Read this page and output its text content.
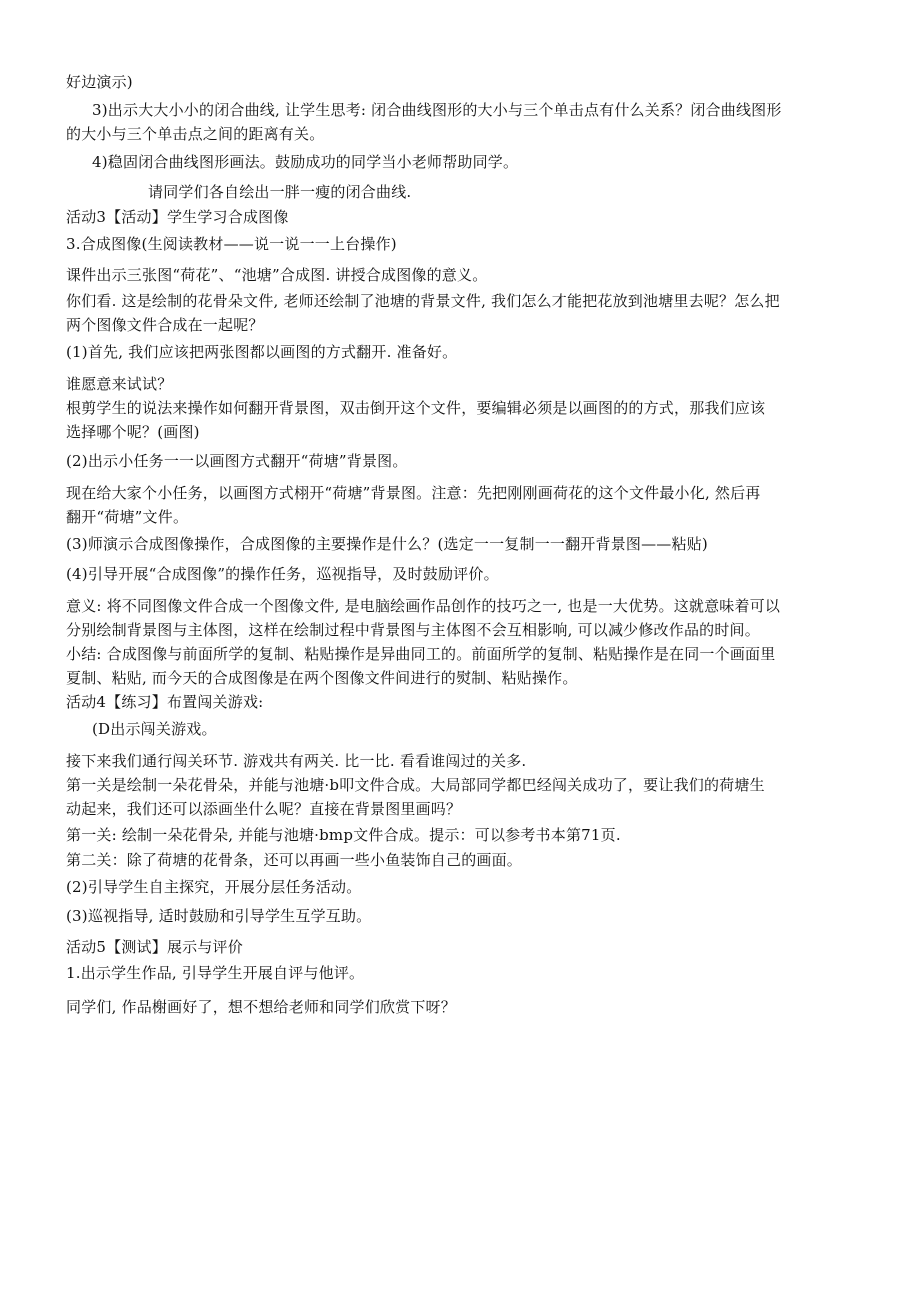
好边演示)
3)出示大大小小的闭合曲线, 让学生思考: 闭合曲线图形的大小与三个单击点有什么关系？闭合曲线图形
的大小与三个单击点之间的距离有关。
4)稳固闭合曲线图形画法。鼓励成功的同学当小老师帮助同学。
请同学们各自绘出一胖一瘦的闭合曲线.
活动3【活动】学生学习合成图像
3.合成图像(生阅读教材——说一说一一上台操作)
课件出示三张图“荷花”、“池塘”合成图. 讲授合成图像的意义。
你们看. 这是绘制的花骨朵文件, 老师还绘制了池塘的背景文件, 我们怎么才能把花放到池塘里去呢？怎么把
两个图像文件合成在一起呢？
(1)首先, 我们应该把两张图都以画图的方式翻开. 准备好。
谁愿意来试试？
根剪学生的说法来操作如何翻开背景图，双击倒开这个文件，要编辑必须是以画图的的方式，那我们应该
选择哪个呢？(画图)
(2)出示小任务一一以画图方式翻开“荷塘”背景图。
现在给大家个小任务，以画图方式栩开“荷塘”背景图。注意：先把刚刚画荷花的这个文件最小化, 然后再
翻开“荷塘”文件。
(3)师演示合成图像操作，合成图像的主要操作是什么？(选定一一复制一一翻开背景图——粘贴)
(4)引导开展“合成图像”的操作任务，巡视指导，及时鼓励评价。
意义: 将不同图像文件合成一个图像文件, 是电脑绘画作品创作的技巧之一, 也是一大优势。这就意味着可以
分别绘制背景图与主体图，这样在绘制过程中背景图与主体图不会互相影响, 可以减少修改作品的时间。
小结: 合成图像与前面所学的复制、粘贴操作是异曲同工的。前面所学的复制、粘贴操作是在同一个画面里
夏制、粘贴, 而今天的合成图像是在两个图像文件间进行的熨制、粘贴操作。
活动4【练习】布置闯关游戏:
(D出示闯关游戏。
接下来我们通行闯关环节. 游戏共有两关. 比一比. 看看谁闯过的关多.
第一关是绘制一朵花骨朵，并能与池塘·b叩文件合成。大局部同学都巴经闯关成功了，要让我们的荷塘生
动起来，我们还可以添画坐什么呢？直接在背景图里画吗？
第一关: 绘制一朵花骨朵, 并能与池塘·bmp文件合成。提示：可以参考书本第71页.
第二关：除了荷塘的花骨条，还可以再画一些小鱼装饰自己的画面。
(2)引导学生自主探究，开展分层任务活动。
(3)巡视指导, 适时鼓励和引导学生互学互助。
活动5【测试】展示与评价
1.出示学生作品, 引导学生开展自评与他评。
同学们, 作品榭画好了，想不想给老师和同学们欣赏下呀？
